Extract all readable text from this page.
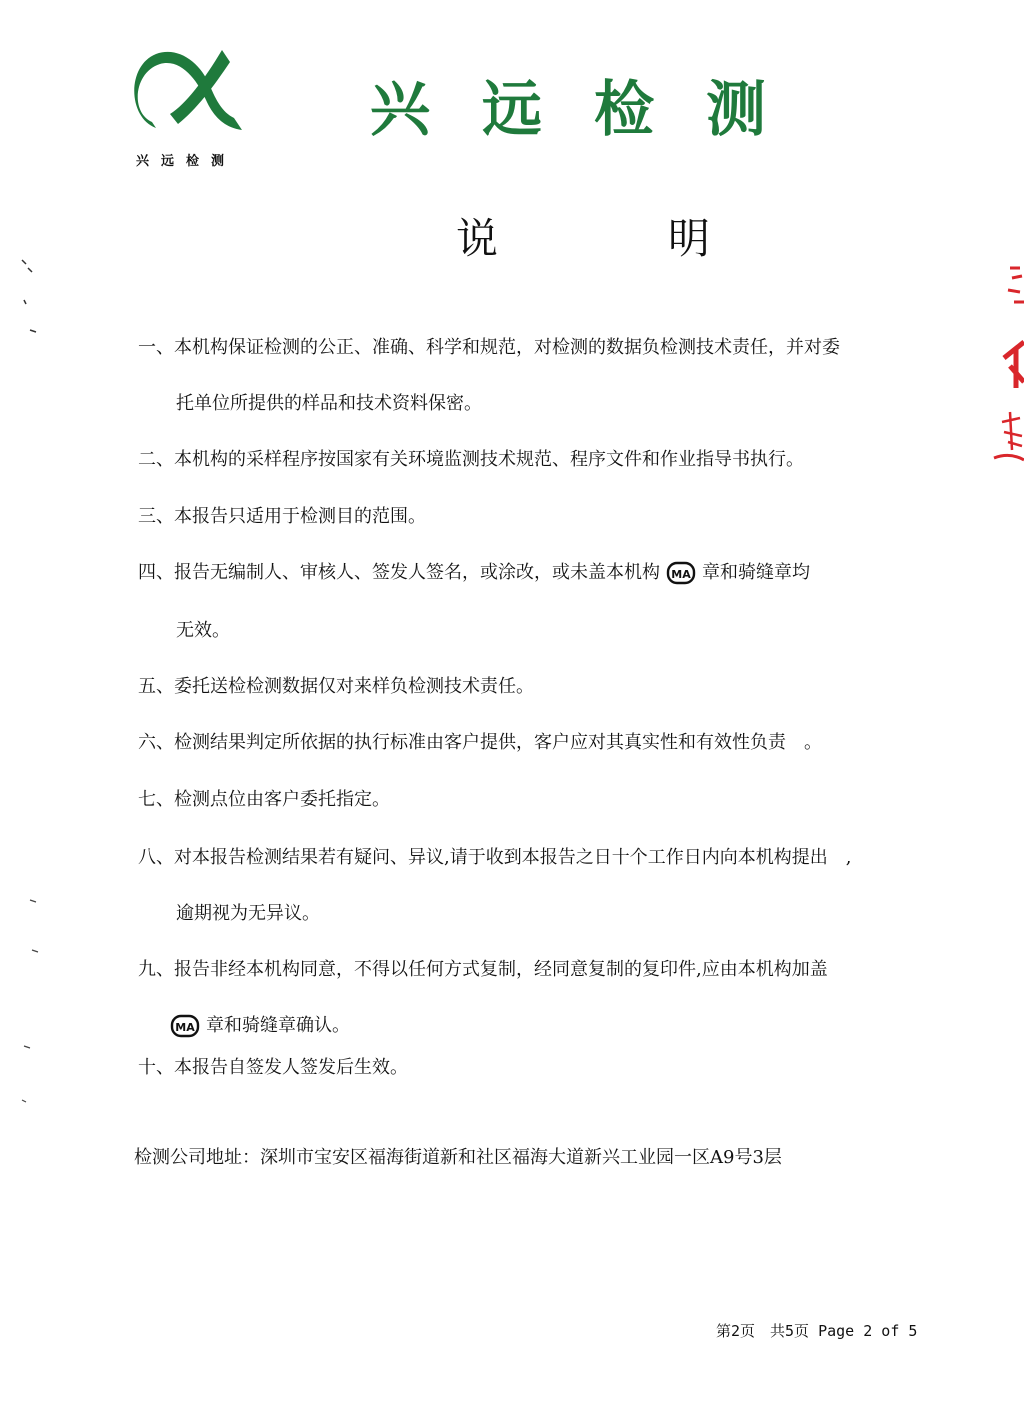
兴远检测
兴远检测
说　明
一、本机构保证检测的公正、准确、科学和规范，对检测的数据负检测技术责任，并对委
托单位所提供的样品和技术资料保密。
二、本机构的采样程序按国家有关环境监测技术规范、程序文件和作业指导书执行。
三、本报告只适用于检测目的范围。
四、报告无编制人、审核人、签发人签名，或涂改，或未盖本机构 MA 章和骑缝章均
无效。
五、委托送检检测数据仅对来样负检测技术责任。
六、检测结果判定所依据的执行标准由客户提供，客户应对其真实性和有效性负责　。
七、检测点位由客户委托指定。
八、对本报告检测结果若有疑问、异议,请于收到本报告之日十个工作日内向本机构提出　,
逾期视为无异议。
九、报告非经本机构同意，不得以任何方式复制，经同意复制的复印件,应由本机构加盖
MA 章和骑缝章确认。
十、本报告自签发人签发后生效。
检测公司地址：深圳市宝安区福海街道新和社区福海大道新兴工业园一区A9号3层
第2页　共5页 Page 2 of 5
